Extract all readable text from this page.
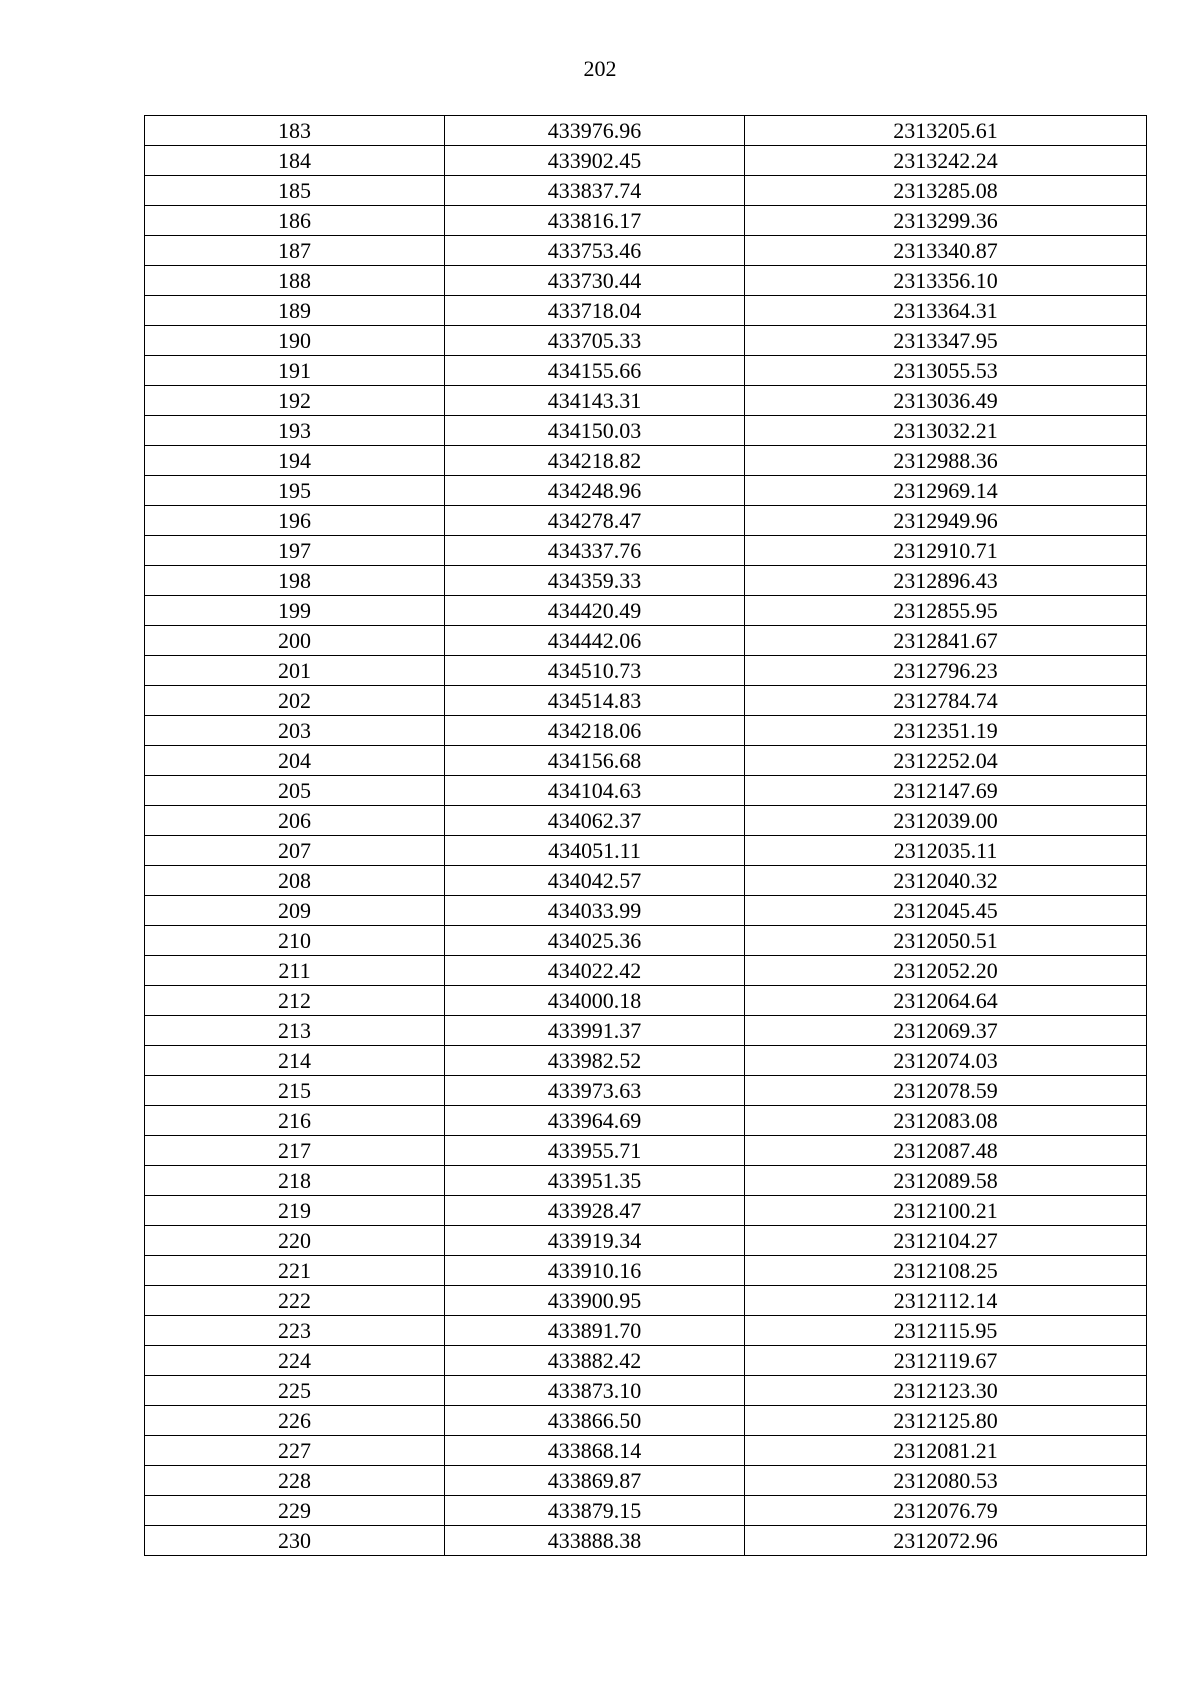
202
183	433976.96	2313205.61
184	433902.45	2313242.24
185	433837.74	2313285.08
186	433816.17	2313299.36
187	433753.46	2313340.87
188	433730.44	2313356.10
189	433718.04	2313364.31
190	433705.33	2313347.95
191	434155.66	2313055.53
192	434143.31	2313036.49
193	434150.03	2313032.21
194	434218.82	2312988.36
195	434248.96	2312969.14
196	434278.47	2312949.96
197	434337.76	2312910.71
198	434359.33	2312896.43
199	434420.49	2312855.95
200	434442.06	2312841.67
201	434510.73	2312796.23
202	434514.83	2312784.74
203	434218.06	2312351.19
204	434156.68	2312252.04
205	434104.63	2312147.69
206	434062.37	2312039.00
207	434051.11	2312035.11
208	434042.57	2312040.32
209	434033.99	2312045.45
210	434025.36	2312050.51
211	434022.42	2312052.20
212	434000.18	2312064.64
213	433991.37	2312069.37
214	433982.52	2312074.03
215	433973.63	2312078.59
216	433964.69	2312083.08
217	433955.71	2312087.48
218	433951.35	2312089.58
219	433928.47	2312100.21
220	433919.34	2312104.27
221	433910.16	2312108.25
222	433900.95	2312112.14
223	433891.70	2312115.95
224	433882.42	2312119.67
225	433873.10	2312123.30
226	433866.50	2312125.80
227	433868.14	2312081.21
228	433869.87	2312080.53
229	433879.15	2312076.79
230	433888.38	2312072.96
